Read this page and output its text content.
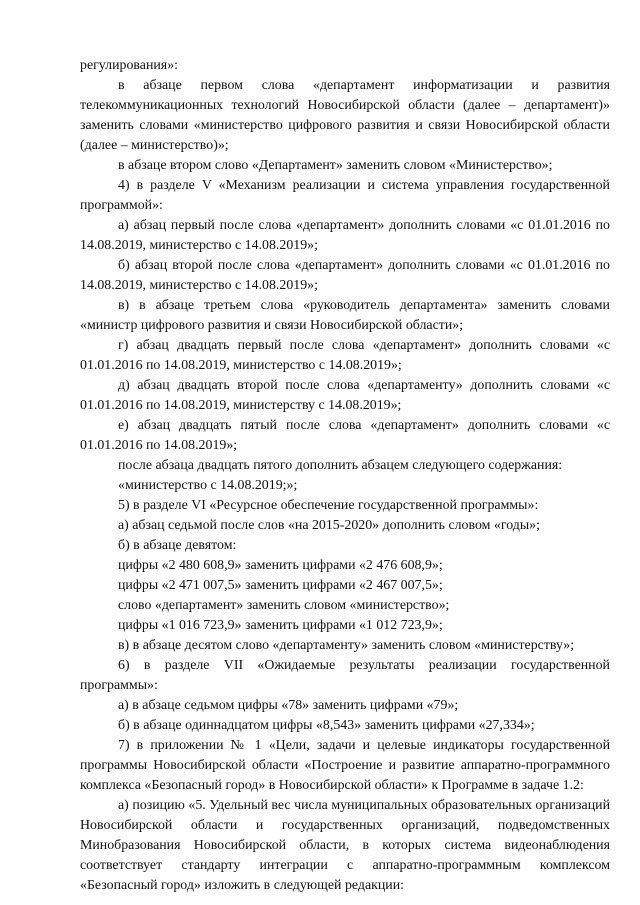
регулирования»:

в абзаце первом слова «департамент информатизации и развития телекоммуникационных технологий Новосибирской области (далее – департамент)» заменить словами «министерство цифрового развития и связи Новосибирской области (далее – министерство)»;

в абзаце втором слово «Департамент» заменить словом «Министерство»;

4) в разделе V «Механизм реализации и система управления государственной программой»:

а) абзац первый после слова «департамент» дополнить словами «с 01.01.2016 по 14.08.2019, министерство с 14.08.2019»;

б) абзац второй после слова «департамент» дополнить словами «с 01.01.2016 по 14.08.2019, министерство с 14.08.2019»;

в) в абзаце третьем слова «руководитель департамента» заменить словами «министр цифрового развития и связи Новосибирской области»;

г) абзац двадцать первый после слова «департамент» дополнить словами «с 01.01.2016 по 14.08.2019, министерство с 14.08.2019»;

д) абзац двадцать второй после слова «департаменту» дополнить словами «с 01.01.2016 по 14.08.2019, министерству с 14.08.2019»;

е) абзац двадцать пятый после слова «департамент» дополнить словами «с 01.01.2016 по 14.08.2019»;

после абзаца двадцать пятого дополнить абзацем следующего содержания:

«министерство с 14.08.2019;»;

5) в разделе VI «Ресурсное обеспечение государственной программы»:

а) абзац седьмой после слов «на 2015-2020» дополнить словом «годы»;

б) в абзаце девятом:

цифры «2 480 608,9» заменить цифрами «2 476 608,9»;

цифры «2 471 007,5» заменить цифрами «2 467 007,5»;

слово «департамент» заменить словом «министерство»;

цифры «1 016 723,9» заменить цифрами «1 012 723,9»;

в) в абзаце десятом слово «департаменту» заменить словом «министерству»;

6) в разделе VII «Ожидаемые результаты реализации государственной программы»:

а) в абзаце седьмом цифры «78» заменить цифрами «79»;

б) в абзаце одиннадцатом цифры «8,543» заменить цифрами «27,334»;

7) в приложении № 1 «Цели, задачи и целевые индикаторы государственной программы Новосибирской области «Построение и развитие аппаратно-программного комплекса «Безопасный город» в Новосибирской области» к Программе в задаче 1.2:

а) позицию «5. Удельный вес числа муниципальных образовательных организаций Новосибирской области и государственных организаций, подведомственных Минобразования Новосибирской области, в которых система видеонаблюдения соответствует стандарту интеграции с аппаратно-программным комплексом «Безопасный город» изложить в следующей редакции:
